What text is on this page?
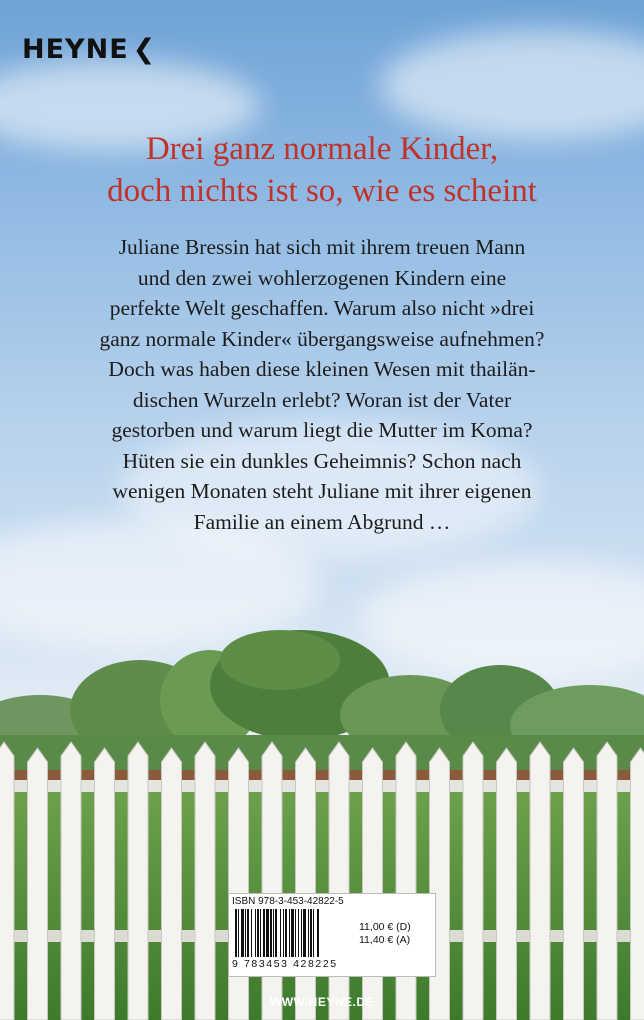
HEYNE ❮
Drei ganz normale Kinder,
doch nichts ist so, wie es scheint
Juliane Bressin hat sich mit ihrem treuen Mann
und den zwei wohlerzogenen Kindern eine
perfekte Welt geschaffen. Warum also nicht »drei
ganz normale Kinder« übergangsweise aufnehmen?
Doch was haben diese kleinen Wesen mit thailän-
dischen Wurzeln erlebt? Woran ist der Vater
gestorben und warum liegt die Mutter im Koma?
Hüten sie ein dunkles Geheimnis? Schon nach
wenigen Monaten steht Juliane mit ihrer eigenen
Familie an einem Abgrund …
ISBN 978-3-453-42822-5
9 783453 428225
11,00 € (D)
11,40 € (A)
WWW.HEYNE.DE
